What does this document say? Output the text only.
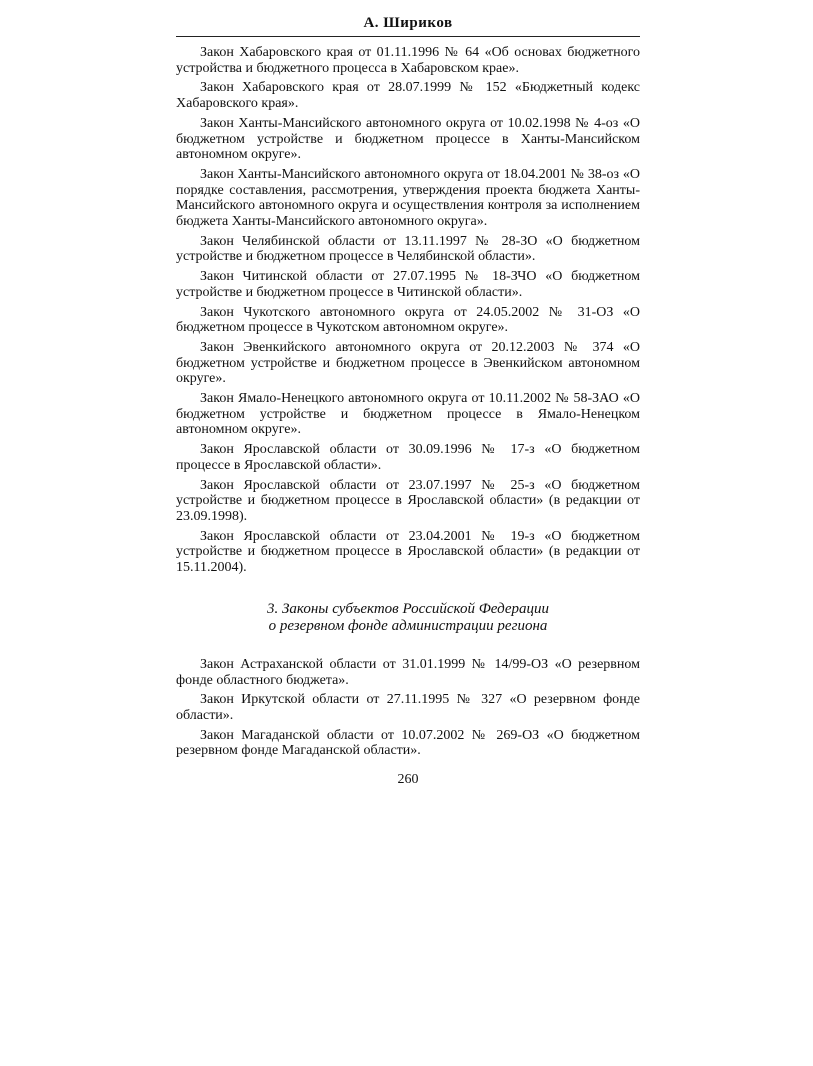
А. Шириков

Закон Хабаровского края от 01.11.1996 № 64 «Об основах бюджетного устройства и бюджетного процесса в Хабаровском крае».

Закон Хабаровского края от 28.07.1999 № 152 «Бюджетный кодекс Хабаровского края».

Закон Ханты-Мансийского автономного округа от 10.02.1998 № 4-оз «О бюджетном устройстве и бюджетном процессе в Ханты-Мансийском автономном округе».

Закон Ханты-Мансийского автономного округа от 18.04.2001 № 38-оз «О порядке составления, рассмотрения, утверждения проекта бюджета Ханты-Мансийского автономного округа и осуществления контроля за исполнением бюджета Ханты-Мансийского автономного округа».

Закон Челябинской области от 13.11.1997 № 28-ЗО «О бюджетном устройстве и бюджетном процессе в Челябинской области».

Закон Читинской области от 27.07.1995 № 18-ЗЧО «О бюджетном устройстве и бюджетном процессе в Читинской области».

Закон Чукотского автономного округа от 24.05.2002 № 31-ОЗ «О бюджетном процессе в Чукотском автономном округе».

Закон Эвенкийского автономного округа от 20.12.2003 № 374 «О бюджетном устройстве и бюджетном процессе в Эвенкийском автономном округе».

Закон Ямало-Ненецкого автономного округа от 10.11.2002 № 58-ЗАО «О бюджетном устройстве и бюджетном процессе в Ямало-Ненецком автономном округе».

Закон Ярославской области от 30.09.1996 № 17-з «О бюджетном процессе в Ярославской области».

Закон Ярославской области от 23.07.1997 № 25-з «О бюджетном устройстве и бюджетном процессе в Ярославской области» (в редакции от 23.09.1998).

Закон Ярославской области от 23.04.2001 № 19-з «О бюджетном устройстве и бюджетном процессе в Ярославской области» (в редакции от 15.11.2004).

3. Законы субъектов Российской Федерации
о резервном фонде администрации региона

Закон Астраханской области от 31.01.1999 № 14/99-ОЗ «О резервном фонде областного бюджета».

Закон Иркутской области от 27.11.1995 № 327 «О резервном фонде области».

Закон Магаданской области от 10.07.2002 № 269-ОЗ «О бюджетном резервном фонде Магаданской области».

260
